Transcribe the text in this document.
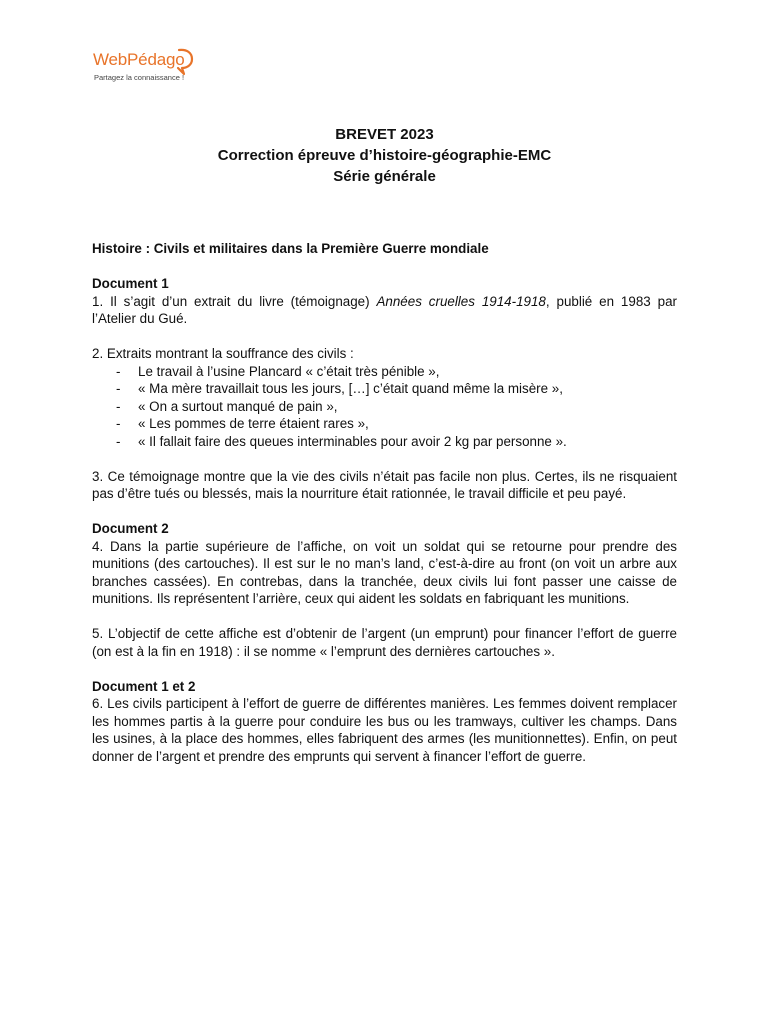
WebPédago
Partagez la connaissance !
BREVET 2023
Correction épreuve d’histoire-géographie-EMC
Série générale

Histoire : Civils et militaires dans la Première Guerre mondiale

Document 1

1. Il s’agit d’un extrait du livre (témoignage) Années cruelles 1914-1918, publié en 1983 par l’Atelier du Gué.

2. Extraits montrant la souffrance des civils :

- Le travail à l’usine Plancard « c’était très pénible »,
- « Ma mère travaillait tous les jours, […] c’était quand même la misère »,
- « On a surtout manqué de pain »,
- « Les pommes de terre étaient rares »,
- « Il fallait faire des queues interminables pour avoir 2 kg par personne ».

3. Ce témoignage montre que la vie des civils n’était pas facile non plus. Certes, ils ne risquaient pas d’être tués ou blessés, mais la nourriture était rationnée, le travail difficile et peu payé.

Document 2

4. Dans la partie supérieure de l’affiche, on voit un soldat qui se retourne pour prendre des munitions (des cartouches). Il est sur le no man’s land, c’est-à-dire au front (on voit un arbre aux branches cassées). En contrebas, dans la tranchée, deux civils lui font passer une caisse de munitions. Ils représentent l’arrière, ceux qui aident les soldats en fabriquant les munitions.

5. L’objectif de cette affiche est d’obtenir de l’argent (un emprunt) pour financer l’effort de guerre (on est à la fin en 1918) : il se nomme « l’emprunt des dernières cartouches ».

Document 1 et 2

6. Les civils participent à l’effort de guerre de différentes manières. Les femmes doivent remplacer les hommes partis à la guerre pour conduire les bus ou les tramways, cultiver les champs. Dans les usines, à la place des hommes, elles fabriquent des armes (les munitionnettes). Enfin, on peut donner de l’argent et prendre des emprunts qui servent à financer l’effort de guerre.
